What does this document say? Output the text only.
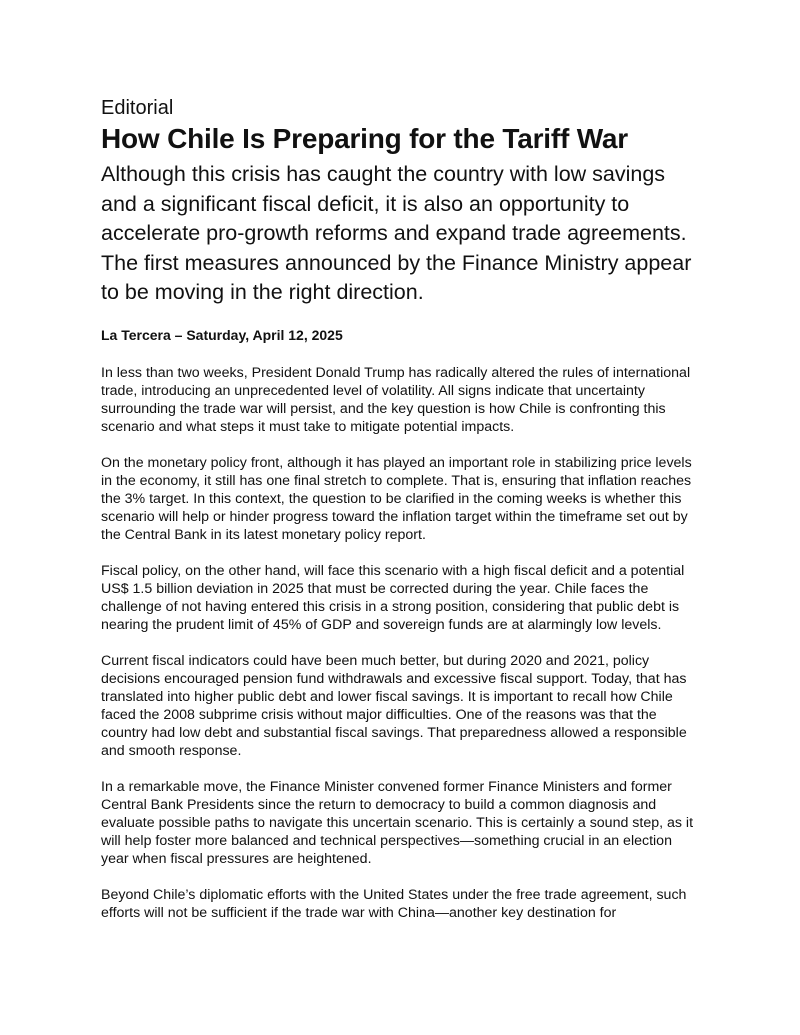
Editorial
How Chile Is Preparing for the Tariff War
Although this crisis has caught the country with low savings and a significant fiscal deficit, it is also an opportunity to accelerate pro-growth reforms and expand trade agreements. The first measures announced by the Finance Ministry appear to be moving in the right direction.
La Tercera – Saturday, April 12, 2025

In less than two weeks, President Donald Trump has radically altered the rules of international trade, introducing an unprecedented level of volatility. All signs indicate that uncertainty surrounding the trade war will persist, and the key question is how Chile is confronting this scenario and what steps it must take to mitigate potential impacts.

On the monetary policy front, although it has played an important role in stabilizing price levels in the economy, it still has one final stretch to complete. That is, ensuring that inflation reaches the 3% target. In this context, the question to be clarified in the coming weeks is whether this scenario will help or hinder progress toward the inflation target within the timeframe set out by the Central Bank in its latest monetary policy report.

Fiscal policy, on the other hand, will face this scenario with a high fiscal deficit and a potential US$ 1.5 billion deviation in 2025 that must be corrected during the year. Chile faces the challenge of not having entered this crisis in a strong position, considering that public debt is nearing the prudent limit of 45% of GDP and sovereign funds are at alarmingly low levels.

Current fiscal indicators could have been much better, but during 2020 and 2021, policy decisions encouraged pension fund withdrawals and excessive fiscal support. Today, that has translated into higher public debt and lower fiscal savings. It is important to recall how Chile faced the 2008 subprime crisis without major difficulties. One of the reasons was that the country had low debt and substantial fiscal savings. That preparedness allowed a responsible and smooth response.

In a remarkable move, the Finance Minister convened former Finance Ministers and former Central Bank Presidents since the return to democracy to build a common diagnosis and evaluate possible paths to navigate this uncertain scenario. This is certainly a sound step, as it will help foster more balanced and technical perspectives—something crucial in an election year when fiscal pressures are heightened.

Beyond Chile’s diplomatic efforts with the United States under the free trade agreement, such efforts will not be sufficient if the trade war with China—another key destination for
